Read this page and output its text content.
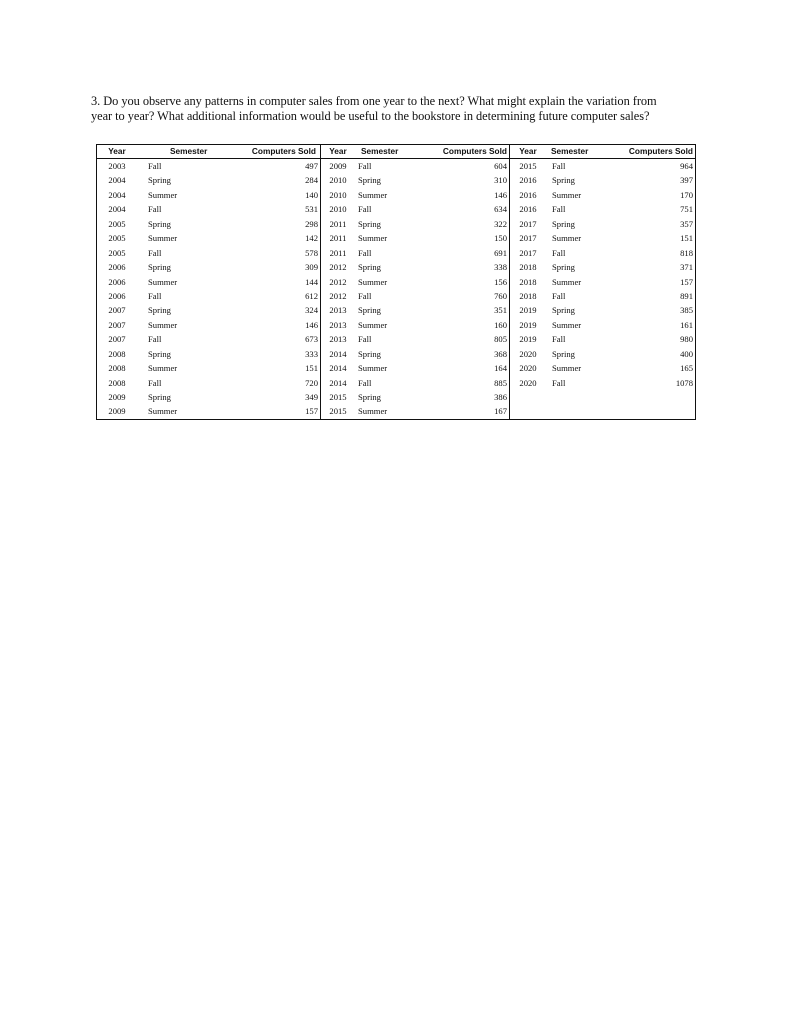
3. Do you observe any patterns in computer sales from one year to the next? What might explain the variation from

year to year? What additional information would be useful to the bookstore in determining future computer sales?

Year	Semester	Computers Sold
2003	Fall	497
2004	Spring	284
2004	Summer	140
2004	Fall	531
2005	Spring	298
2005	Summer	142
2005	Fall	578
2006	Spring	309
2006	Summer	144
2006	Fall	612
2007	Spring	324
2007	Summer	146
2007	Fall	673
2008	Spring	333
2008	Summer	151
2008	Fall	720
2009	Spring	349
2009	Summer	157
Year	Semester	Computers Sold
2009	Fall	604
2010	Spring	310
2010	Summer	146
2010	Fall	634
2011	Spring	322
2011	Summer	150
2011	Fall	691
2012	Spring	338
2012	Summer	156
2012	Fall	760
2013	Spring	351
2013	Summer	160
2013	Fall	805
2014	Spring	368
2014	Summer	164
2014	Fall	885
2015	Spring	386
2015	Summer	167
Year	Semester	Computers Sold
2015	Fall	964
2016	Spring	397
2016	Summer	170
2016	Fall	751
2017	Spring	357
2017	Summer	151
2017	Fall	818
2018	Spring	371
2018	Summer	157
2018	Fall	891
2019	Spring	385
2019	Summer	161
2019	Fall	980
2020	Spring	400
2020	Summer	165
2020	Fall	1078
